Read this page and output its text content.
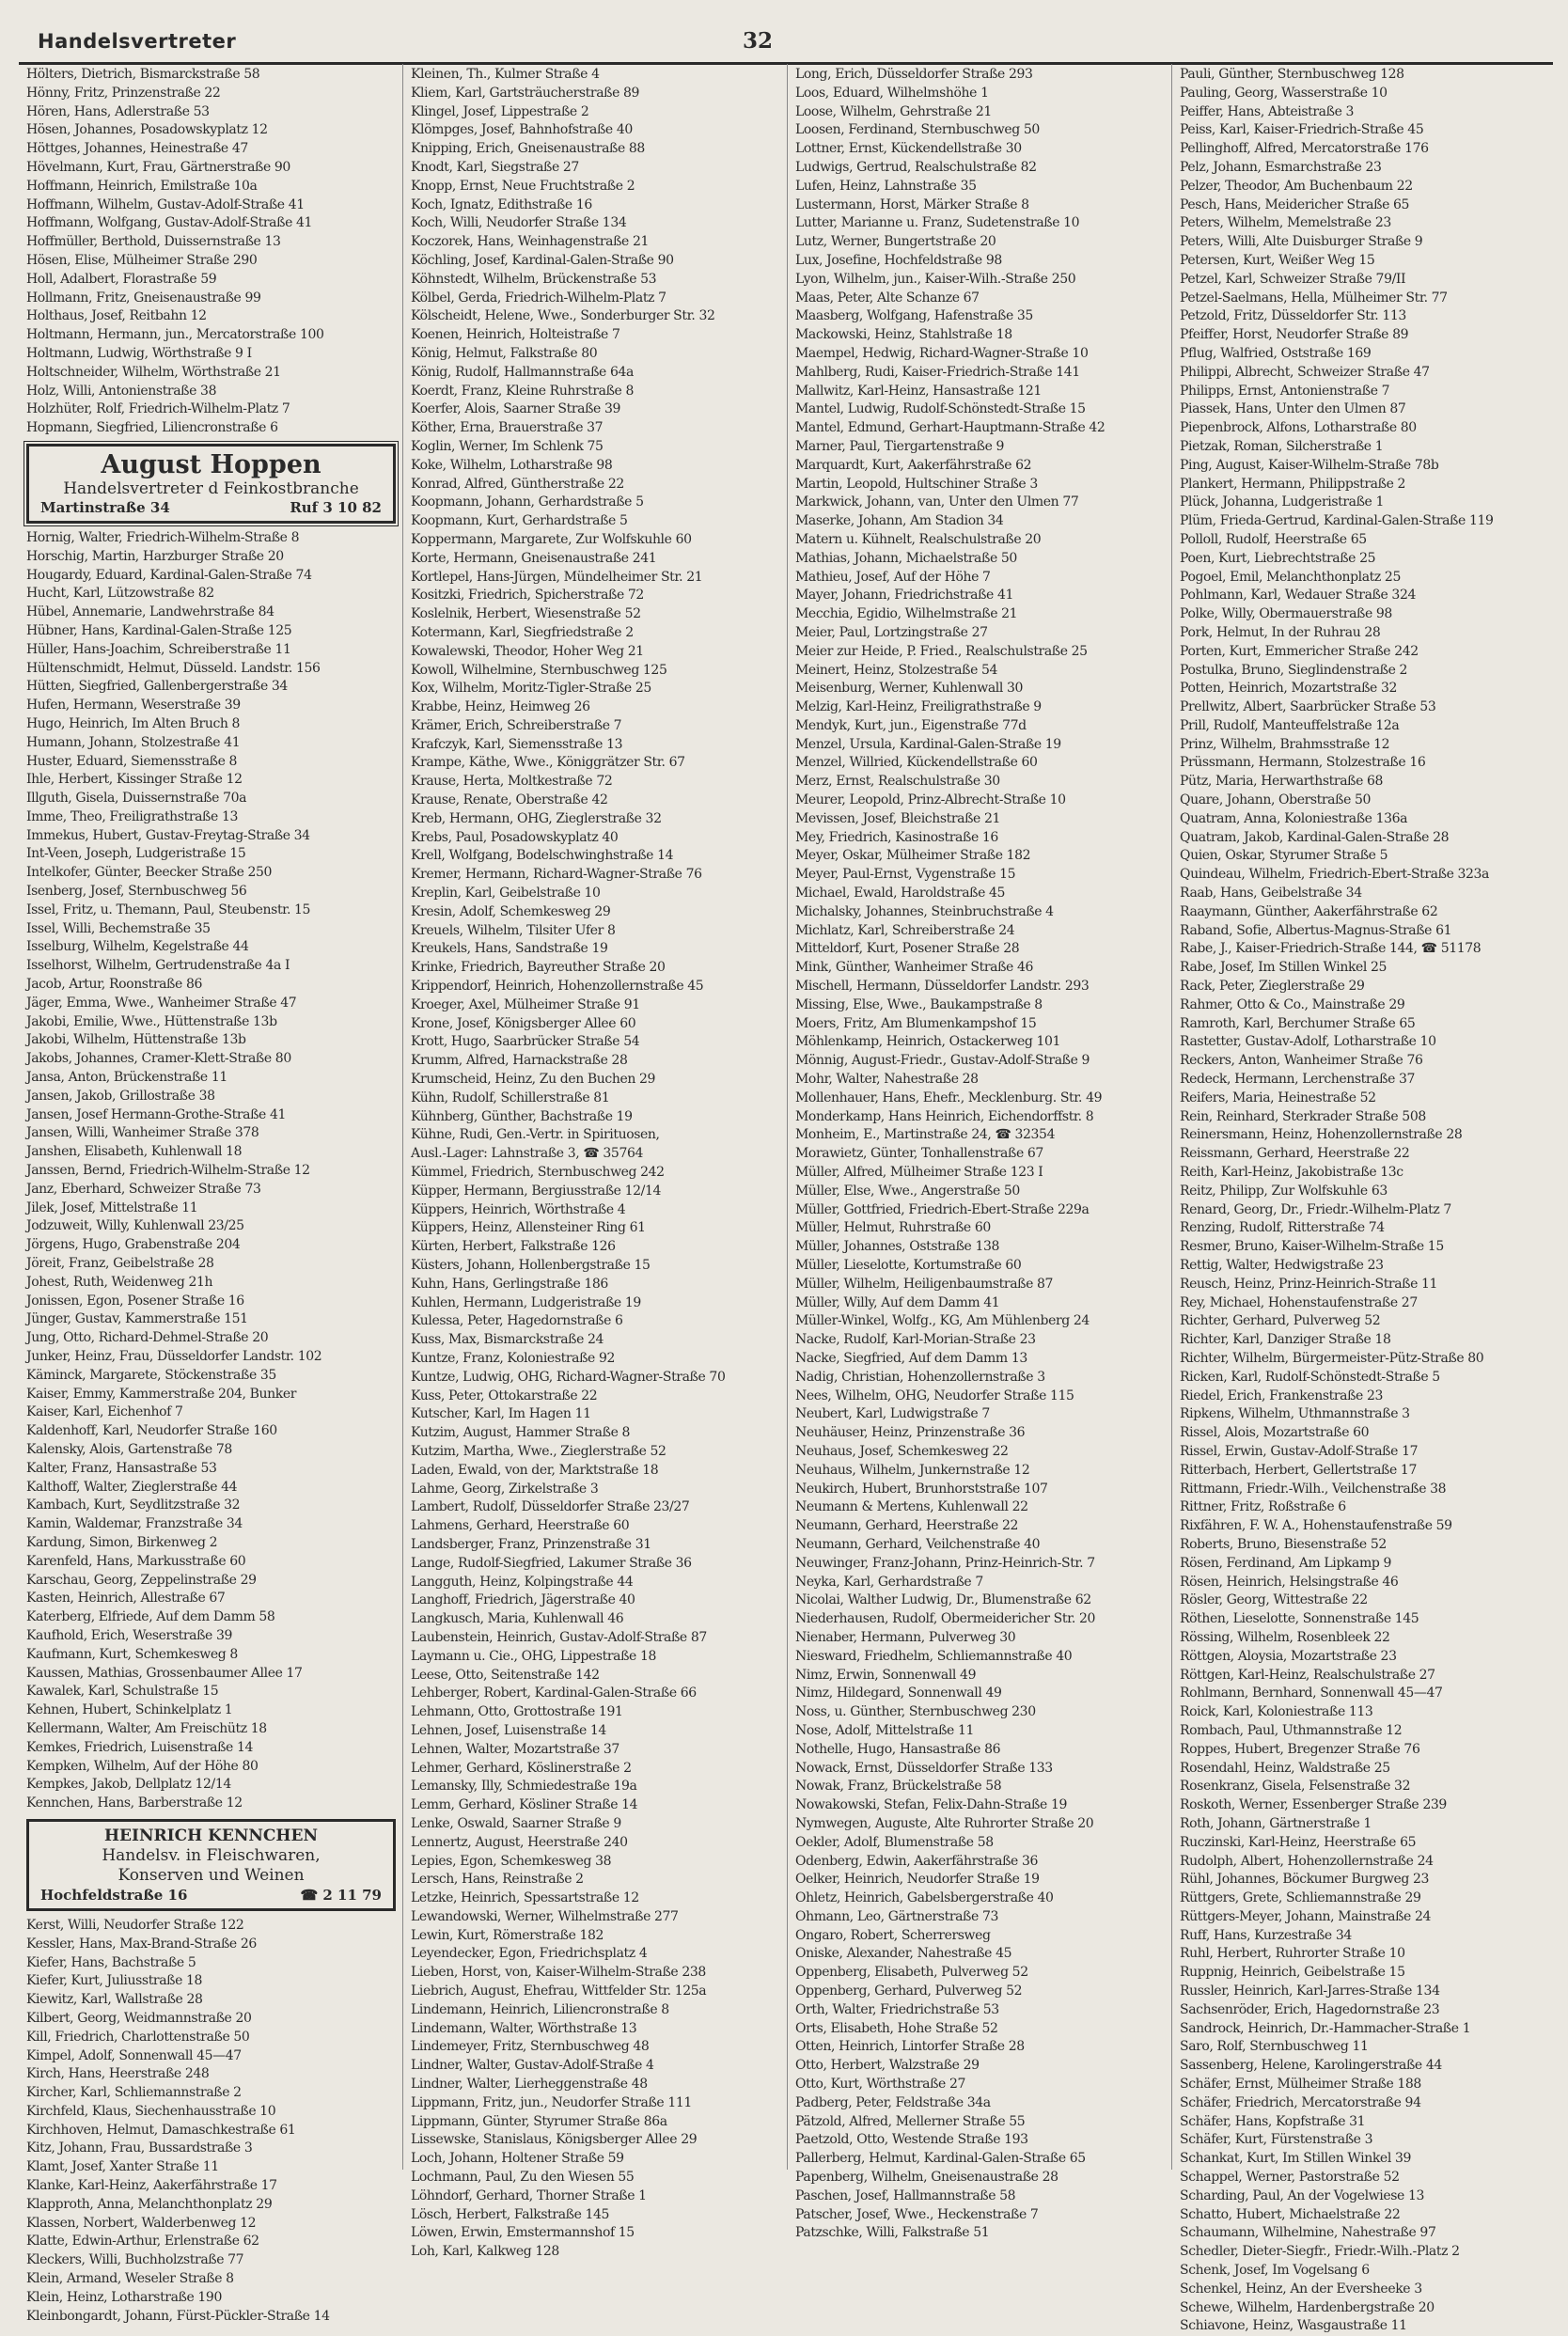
Handelsvertreter	32
Hölters, Dietrich, Bismarckstraße 58
Hönny, Fritz, Prinzenstraße 22
Hören, Hans, Adlerstraße 53
Hösen, Johannes, Posadowskyplatz 12
Höttges, Johannes, Heinestraße 47
Hövelmann, Kurt, Frau, Gärtnerstraße 90
Hoffmann, Heinrich, Emilstraße 10a
Hoffmann, Wilhelm, Gustav-Adolf-Straße 41
Hoffmann, Wolfgang, Gustav-Adolf-Straße 41
Hoffmüller, Berthold, Duissernstraße 13
Hösen, Elise, Mülheimer Straße 290
Holl, Adalbert, Florastraße 59
Hollmann, Fritz, Gneisenaustraße 99
Holthaus, Josef, Reitbahn 12
Holtmann, Hermann, jun., Mercatorstraße 100
Holtmann, Ludwig, Wörthstraße 9 I
Holtschneider, Wilhelm, Wörthstraße 21
Holz, Willi, Antonienstraße 38
Holzhüter, Rolf, Friedrich-Wilhelm-Platz 7
Hopmann, Siegfried, Liliencronstraße 6
August Hoppen
Handelsvertreter d Feinkostbranche
Martinstraße 34	Ruf 3 10 82
Hornig, Walter, Friedrich-Wilhelm-Straße 8
Horschig, Martin, Harzburger Straße 20
Hougardy, Eduard, Kardinal-Galen-Straße 74
Hucht, Karl, Lützowstraße 82
Hübel, Annemarie, Landwehrstraße 84
Hübner, Hans, Kardinal-Galen-Straße 125
Hüller, Hans-Joachim, Schreiberstraße 11
Hültenschmidt, Helmut, Düsseld. Landstr. 156
Hütten, Siegfried, Gallenbergerstraße 34
Hufen, Hermann, Weserstraße 39
Hugo, Heinrich, Im Alten Bruch 8
Humann, Johann, Stolzestraße 41
Huster, Eduard, Siemensstraße 8
Ihle, Herbert, Kissinger Straße 12
Illguth, Gisela, Duissernstraße 70a
Imme, Theo, Freiligrathstraße 13
Immekus, Hubert, Gustav-Freytag-Straße 34
Int-Veen, Joseph, Ludgeristraße 15
Intelkofer, Günter, Beecker Straße 250
Isenberg, Josef, Sternbuschweg 56
Issel, Fritz, u. Themann, Paul, Steubenstr. 15
Issel, Willi, Bechemstraße 35
Isselburg, Wilhelm, Kegelstraße 44
Isselhorst, Wilhelm, Gertrudenstraße 4a I
Jacob, Artur, Roonstraße 86
Jäger, Emma, Wwe., Wanheimer Straße 47
Jakobi, Emilie, Wwe., Hüttenstraße 13b
Jakobi, Wilhelm, Hüttenstraße 13b
Jakobs, Johannes, Cramer-Klett-Straße 80
Jansa, Anton, Brückenstraße 11
Jansen, Jakob, Grillostraße 38
Jansen, Josef Hermann-Grothe-Straße 41
Jansen, Willi, Wanheimer Straße 378
Janshen, Elisabeth, Kuhlenwall 18
Janssen, Bernd, Friedrich-Wilhelm-Straße 12
Janz, Eberhard, Schweizer Straße 73
Jilek, Josef, Mittelstraße 11
Jodzuweit, Willy, Kuhlenwall 23/25
Jörgens, Hugo, Grabenstraße 204
Jöreit, Franz, Geibelstraße 28
Johest, Ruth, Weidenweg 21h
Jonissen, Egon, Posener Straße 16
Jünger, Gustav, Kammerstraße 151
Jung, Otto, Richard-Dehmel-Straße 20
Junker, Heinz, Frau, Düsseldorfer Landstr. 102
Käminck, Margarete, Stöckenstraße 35
Kaiser, Emmy, Kammerstraße 204, Bunker
Kaiser, Karl, Eichenhof 7
Kaldenhoff, Karl, Neudorfer Straße 160
Kalensky, Alois, Gartenstraße 78
Kalter, Franz, Hansastraße 53
Kalthoff, Walter, Zieglerstraße 44
Kambach, Kurt, Seydlitzstraße 32
Kamin, Waldemar, Franzstraße 34
Kardung, Simon, Birkenweg 2
Karenfeld, Hans, Markusstraße 60
Karschau, Georg, Zeppelinstraße 29
Kasten, Heinrich, Allestraße 67
Katerberg, Elfriede, Auf dem Damm 58
Kaufhold, Erich, Weserstraße 39
Kaufmann, Kurt, Schemkesweg 8
Kaussen, Mathias, Grossenbaumer Allee 17
Kawalek, Karl, Schulstraße 15
Kehnen, Hubert, Schinkelplatz 1
Kellermann, Walter, Am Freischütz 18
Kemkes, Friedrich, Luisenstraße 14
Kempken, Wilhelm, Auf der Höhe 80
Kempkes, Jakob, Dellplatz 12/14
Kennchen, Hans, Barberstraße 12
HEINRICH KENNCHEN
Handelsv. in Fleischwaren,
Konserven und Weinen
Hochfeldstraße 16	☎ 2 11 79
Kerst, Willi, Neudorfer Straße 122
Kessler, Hans, Max-Brand-Straße 26
Kiefer, Hans, Bachstraße 5
Kiefer, Kurt, Juliusstraße 18
Kiewitz, Karl, Wallstraße 28
Kilbert, Georg, Weidmannstraße 20
Kill, Friedrich, Charlottenstraße 50
Kimpel, Adolf, Sonnenwall 45—47
Kirch, Hans, Heerstraße 248
Kircher, Karl, Schliemannstraße 2
Kirchfeld, Klaus, Siechenhausstraße 10
Kirchhoven, Helmut, Damaschkestraße 61
Kitz, Johann, Frau, Bussardstraße 3
Klamt, Josef, Xanter Straße 11
Klanke, Karl-Heinz, Aakerfährstraße 17
Klapproth, Anna, Melanchthonplatz 29
Klassen, Norbert, Walderbenweg 12
Klatte, Edwin-Arthur, Erlenstraße 62
Kleckers, Willi, Buchholzstraße 77
Klein, Armand, Weseler Straße 8
Klein, Heinz, Lotharstraße 190
Kleinbongardt, Johann, Fürst-Pückler-Straße 14
Kleinen, Th., Kulmer Straße 4
Kliem, Karl, Gartsträucherstraße 89
Klingel, Josef, Lippestraße 2
Klömpges, Josef, Bahnhofstraße 40
Knipping, Erich, Gneisenaustraße 88
Knodt, Karl, Siegstraße 27
Knopp, Ernst, Neue Fruchtstraße 2
Koch, Ignatz, Edithstraße 16
Koch, Willi, Neudorfer Straße 134
Koczorek, Hans, Weinhagenstraße 21
Köchling, Josef, Kardinal-Galen-Straße 90
Köhnstedt, Wilhelm, Brückenstraße 53
Kölbel, Gerda, Friedrich-Wilhelm-Platz 7
Kölscheidt, Helene, Wwe., Sonderburger Str. 32
Koenen, Heinrich, Holteistraße 7
König, Helmut, Falkstraße 80
König, Rudolf, Hallmannstraße 64a
Koerdt, Franz, Kleine Ruhrstraße 8
Koerfer, Alois, Saarner Straße 39
Köther, Erna, Brauerstraße 37
Koglin, Werner, Im Schlenk 75
Koke, Wilhelm, Lotharstraße 98
Konrad, Alfred, Güntherstraße 22
Koopmann, Johann, Gerhardstraße 5
Koopmann, Kurt, Gerhardstraße 5
Koppermann, Margarete, Zur Wolfskuhle 60
Korte, Hermann, Gneisenaustraße 241
Kortlepel, Hans-Jürgen, Mündelheimer Str. 21
Kositzki, Friedrich, Spicherstraße 72
Koslelnik, Herbert, Wiesenstraße 52
Kotermann, Karl, Siegfriedstraße 2
Kowalewski, Theodor, Hoher Weg 21
Kowoll, Wilhelmine, Sternbuschweg 125
Kox, Wilhelm, Moritz-Tigler-Straße 25
Krabbe, Heinz, Heimweg 26
Krämer, Erich, Schreiberstraße 7
Krafczyk, Karl, Siemensstraße 13
Krampe, Käthe, Wwe., Königgrätzer Str. 67
Krause, Herta, Moltkestraße 72
Krause, Renate, Oberstraße 42
Kreb, Hermann, OHG, Zieglerstraße 32
Krebs, Paul, Posadowskyplatz 40
Krell, Wolfgang, Bodelschwinghstraße 14
Kremer, Hermann, Richard-Wagner-Straße 76
Kreplin, Karl, Geibelstraße 10
Kresin, Adolf, Schemkesweg 29
Kreuels, Wilhelm, Tilsiter Ufer 8
Kreukels, Hans, Sandstraße 19
Krinke, Friedrich, Bayreuther Straße 20
Krippendorf, Heinrich, Hohenzollernstraße 45
Kroeger, Axel, Mülheimer Straße 91
Krone, Josef, Königsberger Allee 60
Krott, Hugo, Saarbrücker Straße 54
Krumm, Alfred, Harnackstraße 28
Krumscheid, Heinz, Zu den Buchen 29
Kühn, Rudolf, Schillerstraße 81
Kühnberg, Günther, Bachstraße 19
Kühne, Rudi, Gen.-Vertr. in Spirituosen,
Ausl.-Lager: Lahnstraße 3, ☎ 35764
Kümmel, Friedrich, Sternbuschweg 242
Küpper, Hermann, Bergiusstraße 12/14
Küppers, Heinrich, Wörthstraße 4
Küppers, Heinz, Allensteiner Ring 61
Kürten, Herbert, Falkstraße 126
Küsters, Johann, Hollenbergstraße 15
Kuhn, Hans, Gerlingstraße 186
Kuhlen, Hermann, Ludgeristraße 19
Kulessa, Peter, Hagedornstraße 6
Kuss, Max, Bismarckstraße 24
Kuntze, Franz, Koloniestraße 92
Kuntze, Ludwig, OHG, Richard-Wagner-Straße 70
Kuss, Peter, Ottokarstraße 22
Kutscher, Karl, Im Hagen 11
Kutzim, August, Hammer Straße 8
Kutzim, Martha, Wwe., Zieglerstraße 52
Laden, Ewald, von der, Marktstraße 18
Lahme, Georg, Zirkelstraße 3
Lambert, Rudolf, Düsseldorfer Straße 23/27
Lahmens, Gerhard, Heerstraße 60
Landsberger, Franz, Prinzenstraße 31
Lange, Rudolf-Siegfried, Lakumer Straße 36
Langguth, Heinz, Kolpingstraße 44
Langhoff, Friedrich, Jägerstraße 40
Langkusch, Maria, Kuhlenwall 46
Laubenstein, Heinrich, Gustav-Adolf-Straße 87
Laymann u. Cie., OHG, Lippestraße 18
Leese, Otto, Seitenstraße 142
Lehberger, Robert, Kardinal-Galen-Straße 66
Lehmann, Otto, Grottostraße 191
Lehnen, Josef, Luisenstraße 14
Lehnen, Walter, Mozartstraße 37
Lehmer, Gerhard, Köslinerstraße 2
Lemansky, Illy, Schmiedestraße 19a
Lemm, Gerhard, Kösliner Straße 14
Lenke, Oswald, Saarner Straße 9
Lennertz, August, Heerstraße 240
Lepies, Egon, Schemkesweg 38
Lersch, Hans, Reinstraße 2
Letzke, Heinrich, Spessartstraße 12
Lewandowski, Werner, Wilhelmstraße 277
Lewin, Kurt, Römerstraße 182
Leyendecker, Egon, Friedrichsplatz 4
Lieben, Horst, von, Kaiser-Wilhelm-Straße 238
Liebrich, August, Ehefrau, Wittfelder Str. 125a
Lindemann, Heinrich, Liliencronstraße 8
Lindemann, Walter, Wörthstraße 13
Lindemeyer, Fritz, Sternbuschweg 48
Lindner, Walter, Gustav-Adolf-Straße 4
Lindner, Walter, Lierheggenstraße 48
Lippmann, Fritz, jun., Neudorfer Straße 111
Lippmann, Günter, Styrumer Straße 86a
Lissewske, Stanislaus, Königsberger Allee 29
Loch, Johann, Holtener Straße 59
Lochmann, Paul, Zu den Wiesen 55
Löhndorf, Gerhard, Thorner Straße 1
Lösch, Herbert, Falkstraße 145
Löwen, Erwin, Emstermannshof 15
Loh, Karl, Kalkweg 128
Long, Erich, Düsseldorfer Straße 293
Loos, Eduard, Wilhelmshöhe 1
Loose, Wilhelm, Gehrstraße 21
Loosen, Ferdinand, Sternbuschweg 50
Lottner, Ernst, Kückendellstraße 30
Ludwigs, Gertrud, Realschulstraße 82
Lufen, Heinz, Lahnstraße 35
Lustermann, Horst, Märker Straße 8
Lutter, Marianne u. Franz, Sudetenstraße 10
Lutz, Werner, Bungertstraße 20
Lux, Josefine, Hochfeldstraße 98
Lyon, Wilhelm, jun., Kaiser-Wilh.-Straße 250
Maas, Peter, Alte Schanze 67
Maasberg, Wolfgang, Hafenstraße 35
Mackowski, Heinz, Stahlstraße 18
Maempel, Hedwig, Richard-Wagner-Straße 10
Mahlberg, Rudi, Kaiser-Friedrich-Straße 141
Mallwitz, Karl-Heinz, Hansastraße 121
Mantel, Ludwig, Rudolf-Schönstedt-Straße 15
Mantel, Edmund, Gerhart-Hauptmann-Straße 42
Marner, Paul, Tiergartenstraße 9
Marquardt, Kurt, Aakerfährstraße 62
Martin, Leopold, Hultschiner Straße 3
Markwick, Johann, van, Unter den Ulmen 77
Maserke, Johann, Am Stadion 34
Matern u. Kühnelt, Realschulstraße 20
Mathias, Johann, Michaelstraße 50
Mathieu, Josef, Auf der Höhe 7
Mayer, Johann, Friedrichstraße 41
Mecchia, Egidio, Wilhelmstraße 21
Meier, Paul, Lortzingstraße 27
Meier zur Heide, P. Fried., Realschulstraße 25
Meinert, Heinz, Stolzestraße 54
Meisenburg, Werner, Kuhlenwall 30
Melzig, Karl-Heinz, Freiligrathstraße 9
Mendyk, Kurt, jun., Eigenstraße 77d
Menzel, Ursula, Kardinal-Galen-Straße 19
Menzel, Willried, Kückendellstraße 60
Merz, Ernst, Realschulstraße 30
Meurer, Leopold, Prinz-Albrecht-Straße 10
Mevissen, Josef, Bleichstraße 21
Mey, Friedrich, Kasinostraße 16
Meyer, Oskar, Mülheimer Straße 182
Meyer, Paul-Ernst, Vygenstraße 15
Michael, Ewald, Haroldstraße 45
Michalsky, Johannes, Steinbruchstraße 4
Michlatz, Karl, Schreiberstraße 24
Mitteldorf, Kurt, Posener Straße 28
Mink, Günther, Wanheimer Straße 46
Mischell, Hermann, Düsseldorfer Landstr. 293
Missing, Else, Wwe., Baukampstraße 8
Moers, Fritz, Am Blumenkampshof 15
Möhlenkamp, Heinrich, Ostackerweg 101
Mönnig, August-Friedr., Gustav-Adolf-Straße 9
Mohr, Walter, Nahestraße 28
Mollenhauer, Hans, Ehefr., Mecklenburg. Str. 49
Monderkamp, Hans Heinrich, Eichendorffstr. 8
Monheim, E., Martinstraße 24, ☎ 32354
Morawietz, Günter, Tonhallenstraße 67
Müller, Alfred, Mülheimer Straße 123 I
Müller, Else, Wwe., Angerstraße 50
Müller, Gottfried, Friedrich-Ebert-Straße 229a
Müller, Helmut, Ruhrstraße 60
Müller, Johannes, Oststraße 138
Müller, Lieselotte, Kortumstraße 60
Müller, Wilhelm, Heiligenbaumstraße 87
Müller, Willy, Auf dem Damm 41
Müller-Winkel, Wolfg., KG, Am Mühlenberg 24
Nacke, Rudolf, Karl-Morian-Straße 23
Nacke, Siegfried, Auf dem Damm 13
Nadig, Christian, Hohenzollernstraße 3
Nees, Wilhelm, OHG, Neudorfer Straße 115
Neubert, Karl, Ludwigstraße 7
Neuhäuser, Heinz, Prinzenstraße 36
Neuhaus, Josef, Schemkesweg 22
Neuhaus, Wilhelm, Junkernstraße 12
Neukirch, Hubert, Brunhorststraße 107
Neumann & Mertens, Kuhlenwall 22
Neumann, Gerhard, Heerstraße 22
Neumann, Gerhard, Veilchenstraße 40
Neuwinger, Franz-Johann, Prinz-Heinrich-Str. 7
Neyka, Karl, Gerhardstraße 7
Nicolai, Walther Ludwig, Dr., Blumenstraße 62
Niederhausen, Rudolf, Obermeidericher Str. 20
Nienaber, Hermann, Pulverweg 30
Niesward, Friedhelm, Schliemannstraße 40
Nimz, Erwin, Sonnenwall 49
Nimz, Hildegard, Sonnenwall 49
Noss, u. Günther, Sternbuschweg 230
Nose, Adolf, Mittelstraße 11
Nothelle, Hugo, Hansastraße 86
Nowack, Ernst, Düsseldorfer Straße 133
Nowak, Franz, Brückelstraße 58
Nowakowski, Stefan, Felix-Dahn-Straße 19
Nymwegen, Auguste, Alte Ruhrorter Straße 20
Oekler, Adolf, Blumenstraße 58
Odenberg, Edwin, Aakerfährstraße 36
Oelker, Heinrich, Neudorfer Straße 19
Ohletz, Heinrich, Gabelsbergerstraße 40
Ohmann, Leo, Gärtnerstraße 73
Ongaro, Robert, Scherrersweg
Oniske, Alexander, Nahestraße 45
Oppenberg, Elisabeth, Pulverweg 52
Oppenberg, Gerhard, Pulverweg 52
Orth, Walter, Friedrichstraße 53
Orts, Elisabeth, Hohe Straße 52
Otten, Heinrich, Lintorfer Straße 28
Otto, Herbert, Walzstraße 29
Otto, Kurt, Wörthstraße 27
Padberg, Peter, Feldstraße 34a
Pätzold, Alfred, Mellerner Straße 55
Paetzold, Otto, Westende Straße 193
Pallerberg, Helmut, Kardinal-Galen-Straße 65
Papenberg, Wilhelm, Gneisenaustraße 28
Paschen, Josef, Hallmannstraße 58
Patscher, Josef, Wwe., Heckenstraße 7
Patzschke, Willi, Falkstraße 51
Pauli, Günther, Sternbuschweg 128
Pauling, Georg, Wasserstraße 10
Peiffer, Hans, Abteistraße 3
Peiss, Karl, Kaiser-Friedrich-Straße 45
Pellinghoff, Alfred, Mercatorstraße 176
Pelz, Johann, Esmarchstraße 23
Pelzer, Theodor, Am Buchenbaum 22
Pesch, Hans, Meidericher Straße 65
Peters, Wilhelm, Memelstraße 23
Peters, Willi, Alte Duisburger Straße 9
Petersen, Kurt, Weißer Weg 15
Petzel, Karl, Schweizer Straße 79/II
Petzel-Saelmans, Hella, Mülheimer Str. 77
Petzold, Fritz, Düsseldorfer Str. 113
Pfeiffer, Horst, Neudorfer Straße 89
Pflug, Walfried, Oststraße 169
Philippi, Albrecht, Schweizer Straße 47
Philipps, Ernst, Antonienstraße 7
Piassek, Hans, Unter den Ulmen 87
Piepenbrock, Alfons, Lotharstraße 80
Pietzak, Roman, Silcherstraße 1
Ping, August, Kaiser-Wilhelm-Straße 78b
Plankert, Hermann, Philippstraße 2
Plück, Johanna, Ludgeristraße 1
Plüm, Frieda-Gertrud, Kardinal-Galen-Straße 119
Polloll, Rudolf, Heerstraße 65
Poen, Kurt, Liebrechtstraße 25
Pogoel, Emil, Melanchthonplatz 25
Pohlmann, Karl, Wedauer Straße 324
Polke, Willy, Obermauerstraße 98
Pork, Helmut, In der Ruhrau 28
Porten, Kurt, Emmericher Straße 242
Postulka, Bruno, Sieglindenstraße 2
Potten, Heinrich, Mozartstraße 32
Prellwitz, Albert, Saarbrücker Straße 53
Prill, Rudolf, Manteuffelstraße 12a
Prinz, Wilhelm, Brahmsstraße 12
Prüssmann, Hermann, Stolzestraße 16
Pütz, Maria, Herwarthstraße 68
Quare, Johann, Oberstraße 50
Quatram, Anna, Koloniestraße 136a
Quatram, Jakob, Kardinal-Galen-Straße 28
Quien, Oskar, Styrumer Straße 5
Quindeau, Wilhelm, Friedrich-Ebert-Straße 323a
Raab, Hans, Geibelstraße 34
Raaymann, Günther, Aakerfährstraße 62
Raband, Sofie, Albertus-Magnus-Straße 61
Rabe, J., Kaiser-Friedrich-Straße 144, ☎ 51178
Rabe, Josef, Im Stillen Winkel 25
Rack, Peter, Zieglerstraße 29
Rahmer, Otto & Co., Mainstraße 29
Ramroth, Karl, Berchumer Straße 65
Rastetter, Gustav-Adolf, Lotharstraße 10
Reckers, Anton, Wanheimer Straße 76
Redeck, Hermann, Lerchenstraße 37
Reifers, Maria, Heinestraße 52
Rein, Reinhard, Sterkrader Straße 508
Reinersmann, Heinz, Hohenzollernstraße 28
Reissmann, Gerhard, Heerstraße 22
Reith, Karl-Heinz, Jakobistraße 13c
Reitz, Philipp, Zur Wolfskuhle 63
Renard, Georg, Dr., Friedr.-Wilhelm-Platz 7
Renzing, Rudolf, Ritterstraße 74
Resmer, Bruno, Kaiser-Wilhelm-Straße 15
Rettig, Walter, Hedwigstraße 23
Reusch, Heinz, Prinz-Heinrich-Straße 11
Rey, Michael, Hohenstaufenstraße 27
Richter, Gerhard, Pulverweg 52
Richter, Karl, Danziger Straße 18
Richter, Wilhelm, Bürgermeister-Pütz-Straße 80
Ricken, Karl, Rudolf-Schönstedt-Straße 5
Riedel, Erich, Frankenstraße 23
Ripkens, Wilhelm, Uthmannstraße 3
Rissel, Alois, Mozartstraße 60
Rissel, Erwin, Gustav-Adolf-Straße 17
Ritterbach, Herbert, Gellertstraße 17
Rittmann, Friedr.-Wilh., Veilchenstraße 38
Rittner, Fritz, Roßstraße 6
Rixfähren, F. W. A., Hohenstaufenstraße 59
Roberts, Bruno, Biesenstraße 52
Rösen, Ferdinand, Am Lipkamp 9
Rösen, Heinrich, Helsingstraße 46
Rösler, Georg, Wittestraße 22
Röthen, Lieselotte, Sonnenstraße 145
Rössing, Wilhelm, Rosenbleek 22
Röttgen, Aloysia, Mozartstraße 23
Röttgen, Karl-Heinz, Realschulstraße 27
Rohlmann, Bernhard, Sonnenwall 45—47
Roick, Karl, Koloniestraße 113
Rombach, Paul, Uthmannstraße 12
Roppes, Hubert, Bregenzer Straße 76
Rosendahl, Heinz, Waldstraße 25
Rosenkranz, Gisela, Felsenstraße 32
Roskoth, Werner, Essenberger Straße 239
Roth, Johann, Gärtnerstraße 1
Ruczinski, Karl-Heinz, Heerstraße 65
Rudolph, Albert, Hohenzollernstraße 24
Rühl, Johannes, Böckumer Burgweg 23
Rüttgers, Grete, Schliemannstraße 29
Rüttgers-Meyer, Johann, Mainstraße 24
Ruff, Hans, Kurzestraße 34
Ruhl, Herbert, Ruhrorter Straße 10
Ruppnig, Heinrich, Geibelstraße 15
Russler, Heinrich, Karl-Jarres-Straße 134
Sachsenröder, Erich, Hagedornstraße 23
Sandrock, Heinrich, Dr.-Hammacher-Straße 1
Saro, Rolf, Sternbuschweg 11
Sassenberg, Helene, Karolingerstraße 44
Schäfer, Ernst, Mülheimer Straße 188
Schäfer, Friedrich, Mercatorstraße 94
Schäfer, Hans, Kopfstraße 31
Schäfer, Kurt, Fürstenstraße 3
Schankat, Kurt, Im Stillen Winkel 39
Schappel, Werner, Pastorstraße 52
Scharding, Paul, An der Vogelwiese 13
Schatto, Hubert, Michaelstraße 22
Schaumann, Wilhelmine, Nahestraße 97
Schedler, Dieter-Siegfr., Friedr.-Wilh.-Platz 2
Schenk, Josef, Im Vogelsang 6
Schenkel, Heinz, An der Eversheeke 3
Schewe, Wilhelm, Hardenbergstraße 20
Schiavone, Heinz, Wasgaustraße 11
